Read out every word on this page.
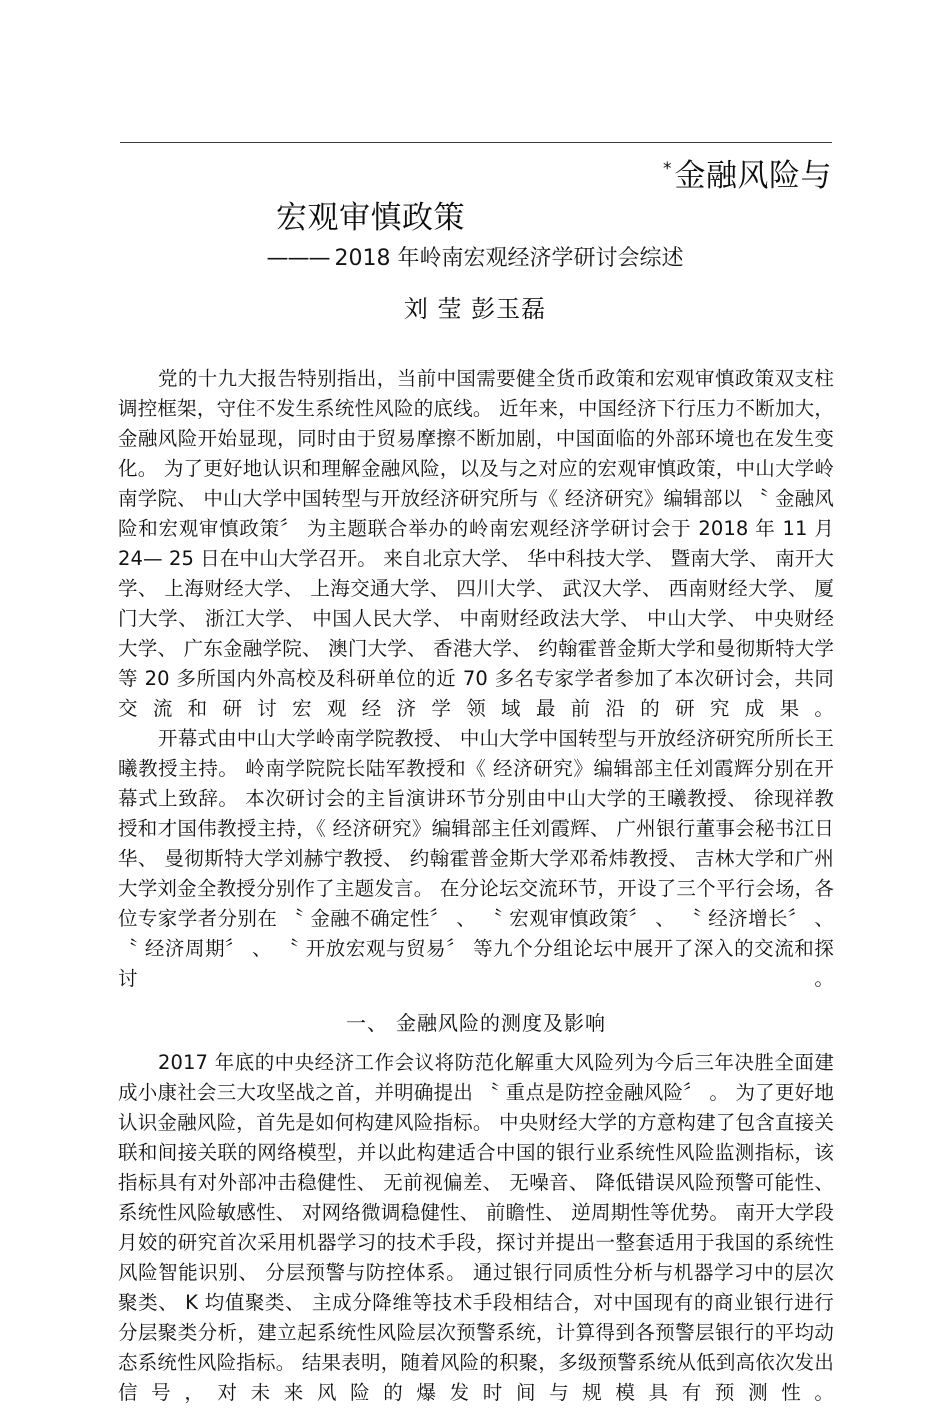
*金融风险与
宏观审慎政策
——— 2018 年岭南宏观经济学研讨会综述
刘 莹 彭玉磊

党的十九大报告特别指出，当前中国需要健全货币政策和宏观审慎政策双支柱调控框架，守住不发生系统性风险的底线。 近年来，中国经济下行压力不断加大，金融风险开始显现，同时由于贸易摩擦不断加剧，中国面临的外部环境也在发生变化。 为了更好地认识和理解金融风险，以及与之对应的宏观审慎政策，中山大学岭南学院、 中山大学中国转型与开放经济研究所与《 经济研究》编辑部以 〝 金融风险和宏观审慎政策〞 为主题联合举办的岭南宏观经济学研讨会于 2018 年 11 月 24— 25 日在中山大学召开。 来自北京大学、 华中科技大学、 暨南大学、 南开大学、 上海财经大学、 上海交通大学、 四川大学、 武汉大学、 西南财经大学、 厦门大学、 浙江大学、 中国人民大学、 中南财经政法大学、 中山大学、 中央财经大学、 广东金融学院、 澳门大学、 香港大学、 约翰霍普金斯大学和曼彻斯特大学等 20 多所国内外高校及科研单位的近 70 多名专家学者参加了本次研讨会，共同交流和研讨宏观经济学领域最前沿的研究成果。

开幕式由中山大学岭南学院教授、 中山大学中国转型与开放经济研究所所长王曦教授主持。 岭南学院院长陆军教授和《 经济研究》编辑部主任刘霞辉分别在开幕式上致辞。 本次研讨会的主旨演讲环节分别由中山大学的王曦教授、 徐现祥教授和才国伟教授主持，《 经济研究》编辑部主任刘霞辉、 广州银行董事会秘书江日华、 曼彻斯特大学刘赫宁教授、 约翰霍普金斯大学邓希炜教授、 吉林大学和广州大学刘金全教授分别作了主题发言。 在分论坛交流环节，开设了三个平行会场，各位专家学者分别在 〝 金融不确定性〞 、 〝 宏观审慎政策〞 、 〝 经济增长〞 、 〝 经济周期〞 、 〝 开放宏观与贸易〞 等九个分组论坛中展开了深入的交流和探讨。

一、 金融风险的测度及影响

2017 年底的中央经济工作会议将防范化解重大风险列为今后三年决胜全面建成小康社会三大攻坚战之首，并明确提出 〝 重点是防控金融风险〞 。 为了更好地认识金融风险，首先是如何构建风险指标。 中央财经大学的方意构建了包含直接关联和间接关联的网络模型，并以此构建适合中国的银行业系统性风险监测指标，该指标具有对外部冲击稳健性、 无前视偏差、 无噪音、 降低错误风险预警可能性、 系统性风险敏感性、 对网络微调稳健性、 前瞻性、 逆周期性等优势。 南开大学段月姣的研究首次采用机器学习的技术手段，探讨并提出一整套适用于我国的系统性风险智能识别、 分层预警与防控体系。 通过银行同质性分析与机器学习中的层次聚类、 K 均值聚类、 主成分降维等技术手段相结合，对中国现有的商业银行进行分层聚类分析，建立起系统性风险层次预警系统，计算得到各预警层银行的平均动态系统性风险指标。 结果表明，随着风险的积聚，多级预警系统从低到高依次发出信号，对未来风险的爆发时间与规模具有预测性。
